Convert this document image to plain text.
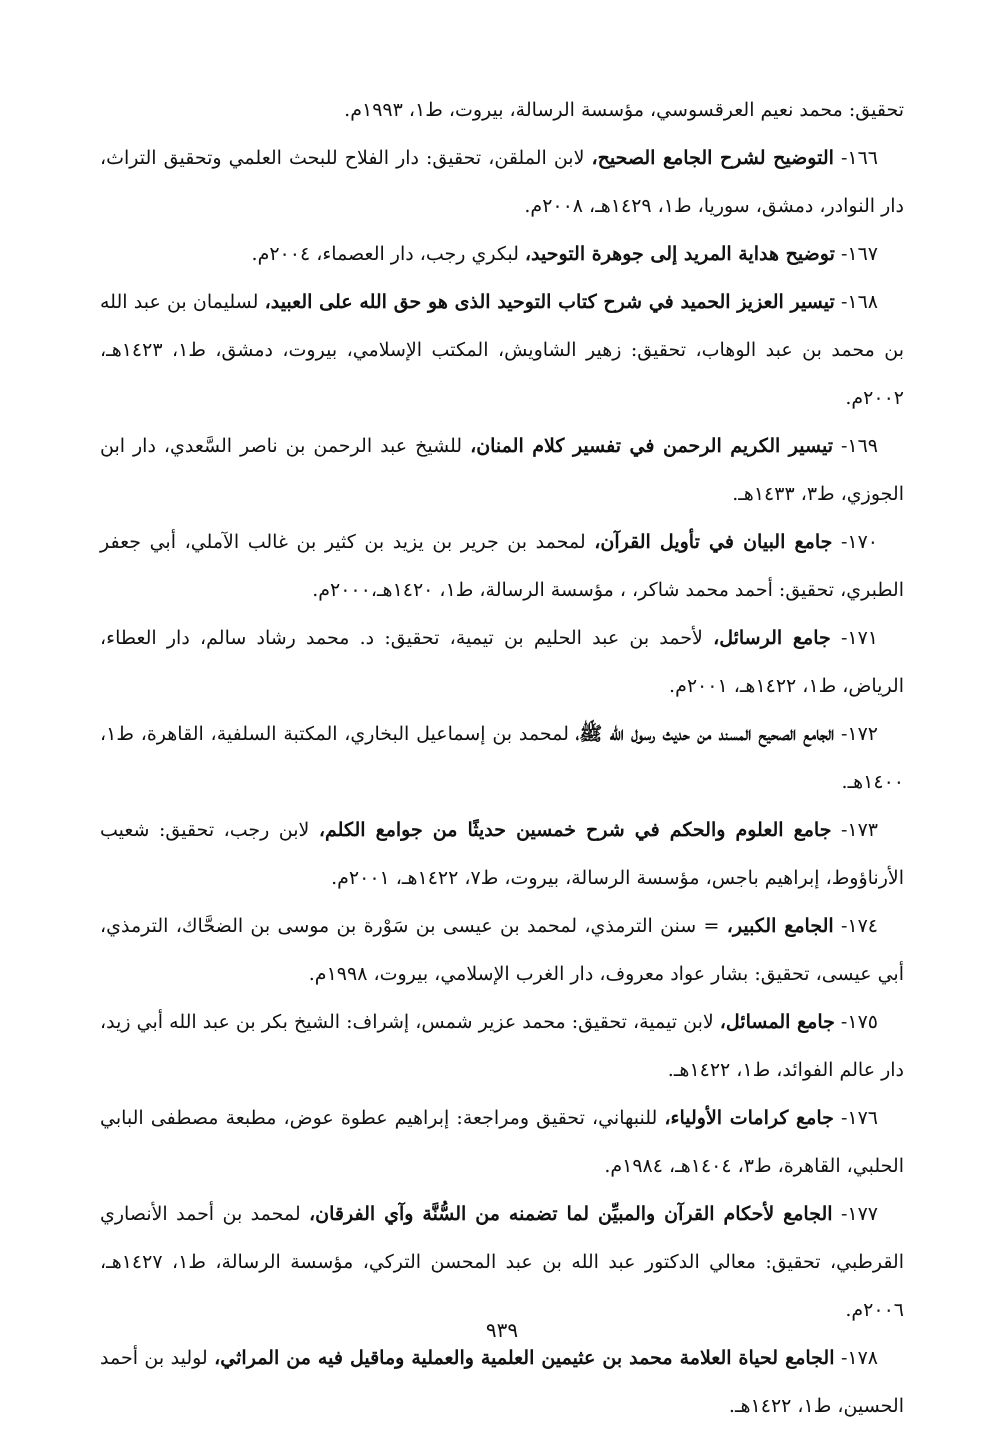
تحقيق: محمد نعيم العرقسوسي، مؤسسة الرسالة، بيروت، ط١، ١٩٩٣م.

١٦٦- التوضيح لشرح الجامع الصحيح، لابن الملقن، تحقيق: دار الفلاح للبحث العلمي وتحقيق التراث، دار النوادر، دمشق، سوريا، ط١، ١٤٢٩هـ، ٢٠٠٨م.

١٦٧- توضيح هداية المريد إلى جوهرة التوحيد، لبكري رجب، دار العصماء، ٢٠٠٤م.

١٦٨- تيسير العزيز الحميد في شرح كتاب التوحيد الذى هو حق الله على العبيد، لسليمان بن عبد الله بن محمد بن عبد الوهاب، تحقيق: زهير الشاويش، المكتب الإسلامي، بيروت، دمشق، ط١، ١٤٢٣هـ، ٢٠٠٢م.

١٦٩- تيسير الكريم الرحمن في تفسير كلام المنان، للشيخ عبد الرحمن بن ناصر السَّعدي، دار ابن الجوزي، ط٣، ١٤٣٣هـ.

١٧٠- جامع البيان في تأويل القرآن، لمحمد بن جرير بن يزيد بن كثير بن غالب الآملي، أبي جعفر الطبري، تحقيق: أحمد محمد شاكر، ، مؤسسة الرسالة، ط١، ١٤٢٠هـ،٢٠٠٠م.

١٧١- جامع الرسائل، لأحمد بن عبد الحليم بن تيمية، تحقيق: د. محمد رشاد سالم، دار العطاء، الرياض، ط١، ١٤٢٢هـ، ٢٠٠١م.

١٧٢- الجامع الصحيح المسند من حديث رسول الله ﷺ، لمحمد بن إسماعيل البخاري، المكتبة السلفية، القاهرة، ط١، ١٤٠٠هـ.

١٧٣- جامع العلوم والحكم في شرح خمسين حديثًا من جوامع الكلم، لابن رجب، تحقيق: شعيب الأرناؤوط، إبراهيم باجس، مؤسسة الرسالة، بيروت، ط٧، ١٤٢٢هـ، ٢٠٠١م.

١٧٤- الجامع الكبير، = سنن الترمذي، لمحمد بن عيسى بن سَوْرة بن موسى بن الضحَّاك، الترمذي، أبي عيسى، تحقيق: بشار عواد معروف، دار الغرب الإسلامي، بيروت، ١٩٩٨م.

١٧٥- جامع المسائل، لابن تيمية، تحقيق: محمد عزير شمس، إشراف: الشيخ بكر بن عبد الله أبي زيد، دار عالم الفوائد، ط١، ١٤٢٢هـ.

١٧٦- جامع كرامات الأولياء، للنبهاني، تحقيق ومراجعة: إبراهيم عطوة عوض، مطبعة مصطفى البابي الحلبي، القاهرة، ط٣، ١٤٠٤هـ، ١٩٨٤م.

١٧٧- الجامع لأحكام القرآن والمبيِّن لما تضمنه من السُّنَّة وآي الفرقان، لمحمد بن أحمد الأنصاري القرطبي، تحقيق: معالي الدكتور عبد الله بن عبد المحسن التركي، مؤسسة الرسالة، ط١، ١٤٢٧هـ، ٢٠٠٦م.

١٧٨- الجامع لحياة العلامة محمد بن عثيمين العلمية والعملية وماقيل فيه من المراثي، لوليد بن أحمد الحسين، ط١، ١٤٢٢هـ.

٩٣٩
